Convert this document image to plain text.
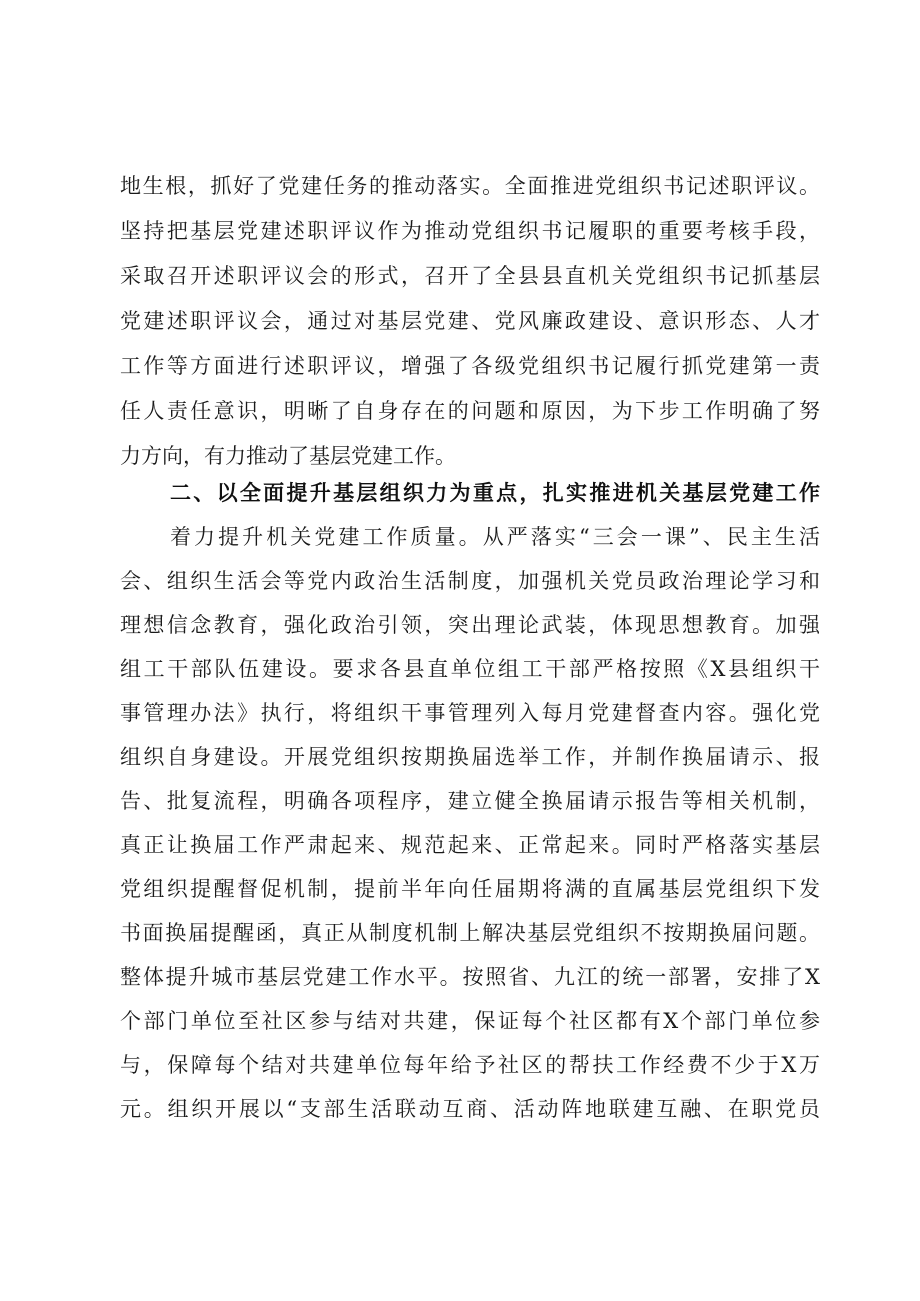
地生根，抓好了党建任务的推动落实。全面推进党组织书记述职评议。
坚持把基层党建述职评议作为推动党组织书记履职的重要考核手段，
采取召开述职评议会的形式，召开了全县县直机关党组织书记抓基层
党建述职评议会，通过对基层党建、党风廉政建设、意识形态、人才
工作等方面进行述职评议，增强了各级党组织书记履行抓党建第一责
任人责任意识，明晰了自身存在的问题和原因，为下步工作明确了努
力方向，有力推动了基层党建工作。
二、以全面提升基层组织力为重点，扎实推进机关基层党建工作
着力提升机关党建工作质量。从严落实“三会一课”、民主生活
会、组织生活会等党内政治生活制度，加强机关党员政治理论学习和
理想信念教育，强化政治引领，突出理论武装，体现思想教育。加强
组工干部队伍建设。要求各县直单位组工干部严格按照《X县组织干
事管理办法》执行，将组织干事管理列入每月党建督查内容。强化党
组织自身建设。开展党组织按期换届选举工作，并制作换届请示、报
告、批复流程，明确各项程序，建立健全换届请示报告等相关机制，
真正让换届工作严肃起来、规范起来、正常起来。同时严格落实基层
党组织提醒督促机制，提前半年向任届期将满的直属基层党组织下发
书面换届提醒函，真正从制度机制上解决基层党组织不按期换届问题。
整体提升城市基层党建工作水平。按照省、九江的统一部署，安排了X
个部门单位至社区参与结对共建，保证每个社区都有X个部门单位参
与，保障每个结对共建单位每年给予社区的帮扶工作经费不少于X万
元。组织开展以“支部生活联动互商、活动阵地联建互融、在职党员
